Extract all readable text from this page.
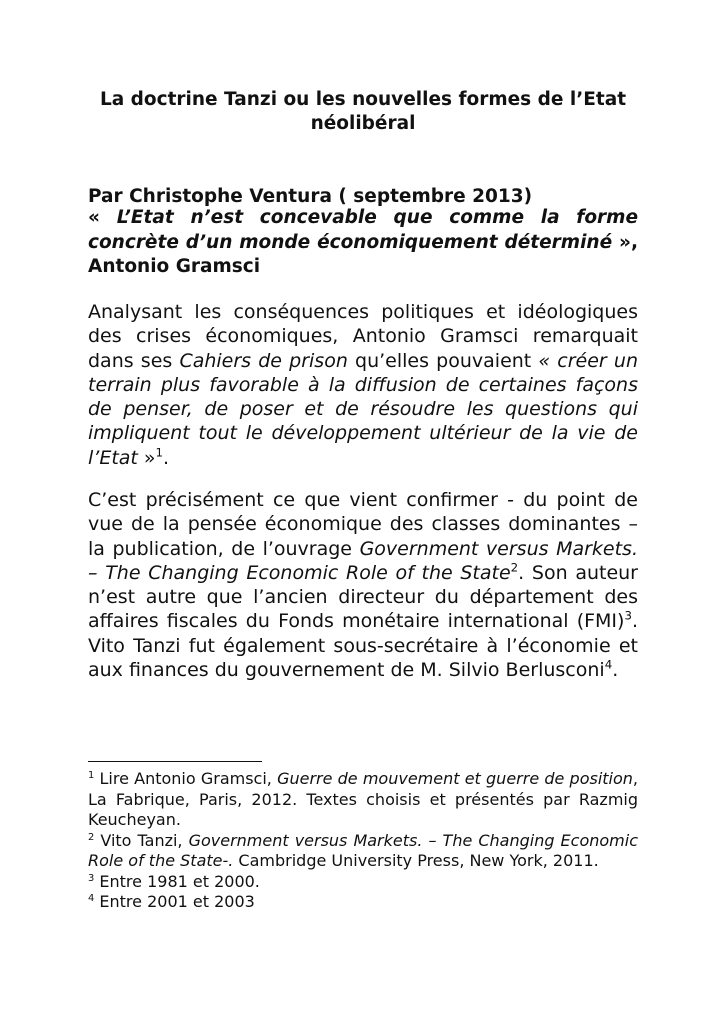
La doctrine Tanzi ou les nouvelles formes de l’Etat néolibéral
Par Christophe Ventura ( septembre 2013)
« L’Etat n’est concevable que comme la forme concrète d’un monde économiquement déterminé », Antonio Gramsci

Analysant les conséquences politiques et idéologiques des crises économiques, Antonio Gramsci remarquait dans ses Cahiers de prison qu’elles pouvaient « créer un terrain plus favorable à la diffusion de certaines façons de penser, de poser et de résoudre les questions qui impliquent tout le développement ultérieur de la vie de l’Etat »$^1$.

C’est précisément ce que vient confirmer - du point de vue de la pensée économique des classes dominantes – la publication, de l’ouvrage Government versus Markets. – The Changing Economic Role of the State$^2$. Son auteur n’est autre que l’ancien directeur du département des affaires fiscales du Fonds monétaire international (FMI)$^3$. Vito Tanzi fut également sous-secrétaire à l’économie et aux finances du gouvernement de M. Silvio Berlusconi$^4$.

$^1$ Lire Antonio Gramsci, Guerre de mouvement et guerre de position, La Fabrique, Paris, 2012. Textes choisis et présentés par Razmig Keucheyan.

$^2$ Vito Tanzi, Government versus Markets. – The Changing Economic Role of the State-. Cambridge University Press, New York, 2011.

$^3$ Entre 1981 et 2000.

$^4$ Entre 2001 et 2003
